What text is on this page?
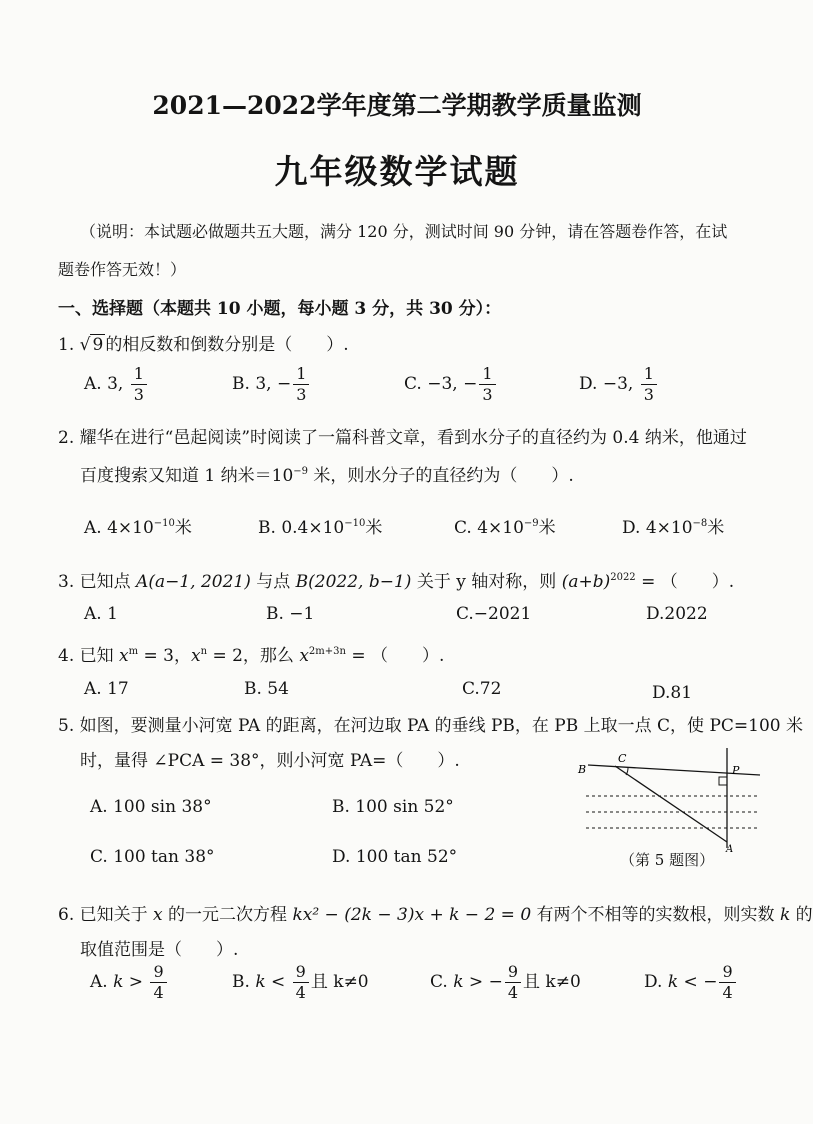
2021—2022学年度第二学期教学质量监测
九年级数学试题
（说明：本试题必做题共五大题，满分 120 分，测试时间 90 分钟，请在答题卷作答，在试
题卷作答无效！）
一、选择题（本题共 10 小题，每小题 3 分，共 30 分）：
1. √ 9 的相反数和倒数分别是（　　）.
A. 3, $\frac{1}{3}$	B. 3, − $\frac{1}{3}$	C. −3, − $\frac{1}{3}$	D. −3, $\frac{1}{3}$
2. 耀华在进行“邑起阅读”时阅读了一篇科普文章，看到水分子的直径约为 0.4 纳米，他通过
百度搜索又知道 1 纳米$=10^{-9}$ 米，则水分子的直径约为（　　）.
A. $4\times 10^{-10}$米	B. $0.4\times 10^{-10}$米	C. $4\times 10^{-9}$米	D. $4\times 10^{-8}$米
3. 已知点 A(a−1, 2021) 与点 B(2022, b−1) 关于 y 轴对称，则 $(a+b)^{2022}$ = （　　）.
A. 1	B. −1	C.−2021	D.2022
4. 已知 $x^m = 3$，$x^n = 2$，那么 $x^{2m+3n}$ = （　　）.
A. 17	B. 54	C.72	D.81
5. 如图，要测量小河宽 PA 的距离，在河边取 PA 的垂线 PB，在 PB 上取一点 C，使 PC=100 米
时，量得 ∠PCA = 38°，则小河宽 PA=（　　）.
A. 100 sin 38°	B. 100 sin 52°
C. 100 tan 38°	D. 100 tan 52°
B
C
P
A
（第 5 题图）
6. 已知关于 x 的一元二次方程 kx² − (2k − 3)x + k − 2 = 0 有两个不相等的实数根，则实数 k 的
取值范围是（　　）.
A. $k > \frac{9}{4}$	B. $k < \frac{9}{4}$ 且 k≠0	C. k > − $\frac{9}{4}$ 且 k≠0	D. k < − $\frac{9}{4}$
